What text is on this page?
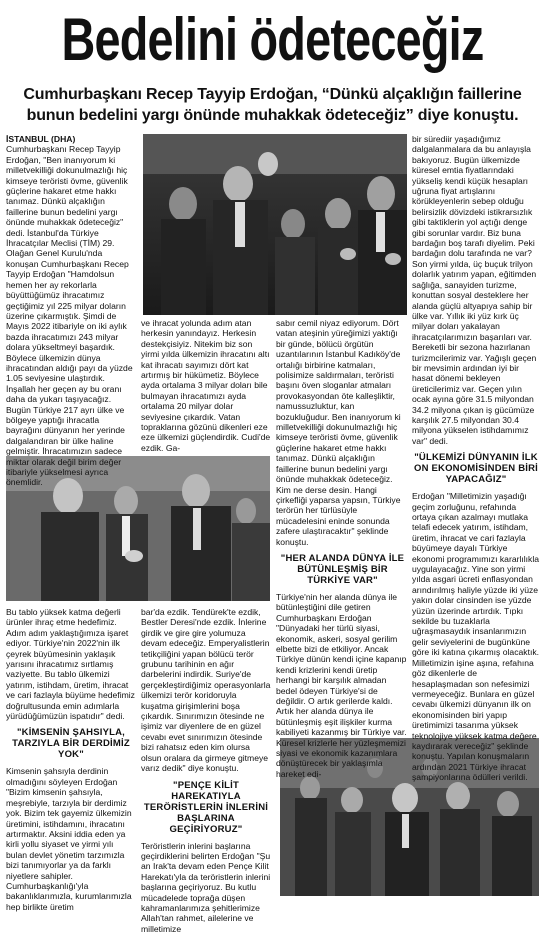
Bedelini ödeteceğiz
Cumhurbaşkanı Recep Tayyip Erdoğan, “Dünkü alçaklığın faillerine bunun bedelini yargı önünde muhakkak ödeteceğiz” diye konuştu.

İSTANBUL (DHA)

Cumhurbaşkanı Recep Tayyip Erdoğan, "Ben inanıyorum ki milletvekilliği dokunulmazlığı hiç kimseye teröristi övme, güvenlik güçlerine hakaret etme hakkı tanımaz. Dünkü alçaklığın faillerine bunun bedelini yargı önünde muhakkak ödeteceğiz" dedi. İstanbul'da Türkiye İhracatçılar Meclisi (TİM) 29. Olağan Genel Kurulu'nda konuşan Cumhurbaşkanı Recep Tayyip Erdoğan "Hamdolsun hemen her ay rekorlarla büyüttüğümüz ihracatımız geçtiğimiz yıl 225 milyar doların üzerine çıkarmıştık. Şimdi de Mayıs 2022 itibariyle on iki aylık bazda ihracatımızı 243 milyar dolara yükseltmeyi başardık. Böylece ülkemizin dünya ihracatından aldığı payı da yüzde 1.05 seviyesine ulaştırdık. İnşallah her geçen ay bu oranı daha da yukarı taşıyacağız. Bugün Türkiye 217 ayrı ülke ve bölgeye yaptığı ihracatla bayrağını dünyanın her yerinde dalgalandıran bir ülke haline gelmiştir. İhracatımızın sadece miktar olarak değil birim değer itibariyle yükselmesi ayrıca önemlidir.

Bu tablo yüksek katma değerli ürünler ihraç etme hedefimiz. Adım adım yaklaştığımıza işaret ediyor. Türkiye'nin 2022'nin ilk çeyrek büyümesinin yaklaşık yarısını ihracatımız sırtlamış vaziyette. Bu tablo ülkemizi yatırım, istihdam, üretim, ihracat ve cari fazlayla büyüme hedefimiz doğrultusunda emin adımlarla yürüdüğümüzün ispatıdır" dedi.

"KİMSENİN ŞAHSIYLA, TARZIYLA BİR DERDİMİZ YOK"

Kimsenin şahsıyla derdinin olmadığını söyleyen Erdoğan "Bizim kimsenin şahsıyla, meşrebiyle, tarzıyla bir derdimiz yok. Bizim tek gayemiz ülkemizin üretimini, istihdamını, ihracatını artırmaktır. Aksini iddia eden ya kirli yollu siyaset ve yirmi yılı bulan devlet yönetim tarzımızla bizi tanımıyorlar ya da farklı niyetlere sahipler. Cumhurbaşkanlığı'yla bakanlıklarımızla, kurumlarımızla hep birlikte üretim

ve ihracat yolunda adım atan herkesin yanındayız. Herkesin destekçisiyiz. Nitekim biz son yirmi yılda ülkemizin ihracatını altı kat ihracatı sayımızı dört kat artırmış bir hükümetiz. Böylece ayda ortalama 3 milyar doları bile bulmayan ihracatımızı ayda ortalama 20 milyar dolar seviyesine çıkardık. Vatan topraklarına gözünü dikenleri eze eze ülkemizi güçlendirdik. Cudi'de ezdik. Ga-

bar'da ezdik. Tendürek'te ezdik, Bestler Deresi'nde ezdik. İnlerine girdik ve gire gire yolumuza devam edeceğiz. Emperyalistlerin tetikçiliğini yapan bölücü terör grubunu tarihinin en ağır darbelerini indirdik. Suriye'de gerçekleştirdiğimiz operasyonlarla ülkemizi terör koridoruyla kuşatma girişimlerini boşa çıkardık. Sınırımızın ötesinde ne işimiz var diyenlere de en güzel cevabı evet sınırımızın ötesinde bizi rahatsız eden kim olursa olsun oralara da girmeye gitmeye varız dedik" diye konuştu.

"PENÇE KİLİT HAREKATIYLA TERÖRİSTLERİN İNLERİNİ BAŞLARINA GEÇİRİYORUZ"

Teröristlerin inlerini başlarına geçirdiklerini belirten Erdoğan "Şu an Irak'ta devam eden Pençe Kilit Harekatı'yla da teröristlerin inlerini başlarına geçiriyoruz. Bu kutlu mücadelede toprağa düşen kahramanlarımıza şehitlerimize Allah'tan rahmet, ailelerine ve milletimize

sabır cemil niyaz ediyorum. Dört vatan ateşinin yüreğimizi yaktığı bir günde, bölücü örgütün uzantılarının İstanbul Kadıköy'de ortalığı birbirine katmaları, polisimize saldırmaları, teröristi başını öven sloganlar atmaları provokasyondan öte kalleşliktir, namussuzluktur, kan bozukluğudur. Ben inanıyorum ki milletvekilliği dokunulmazlığı hiç kimseye teröristi övme, güvenlik güçlerine hakaret etme hakkı tanımaz. Dünkü alçaklığın faillerine bunun bedelini yargı önünde muhakkak ödeteceğiz. Kim ne derse desin. Hangi çirkefliği yaparsa yapsın, Türkiye terörün her türlüsüyle mücadelesini eninde sonunda zafere ulaştıracaktır" şeklinde konuştu.

"HER ALANDA DÜNYA İLE BÜTÜNLEŞMİŞ BİR TÜRKİYE VAR"

Türkiye'nin her alanda dünya ile bütünleştiğini dile getiren Cumhurbaşkanı Erdoğan "Dünyadaki her türlü siyasi, ekonomik, askeri, sosyal gerilim elbette bizi de etkiliyor. Ancak Türkiye dünün kendi içine kapanıp kendi krizlerini kendi üretip herhangi bir karşılık almadan bedel ödeyen Türkiye'si de değildir. O artık gerilerde kaldı. Artık her alanda dünya ile bütünleşmiş eşit ilişkiler kurma kabiliyeti kazanmış bir Türkiye var. Küresel krizlerle her yüzleşmemizi siyasi ve ekonomik kazanımlara dönüştürecek bir yaklaşımla hareket edi-

bir sürediir yaşadığımız dalgalanmalara da bu anlayışla bakıyoruz. Bugün ülkemizde küresel emtia fiyatlarındaki yükseliş kendi küçük hesapları uğruna fiyat artışlarını körükleyenlerin sebep olduğu belirsizlik dövizdeki istikrarsızlık gibi taktiklerin yol açtığı denge gibi sorunlar vardır. Biz buna bardağın boş tarafı diyelim. Peki bardağın dolu tarafında ne var? Son yirmi yılda, üç buçuk trilyon dolarlık yatırım yapan, eğitimden sağlığa, sanayiden turizme, konuttan sosyal desteklere her alanda güçlü altyapıya sahip bir ülke var. Yıllık iki yüz kırk üç milyar doları yakalayan ihracatçılarımızın başarıları var. Bereketli bir sezona hazırlanan turizmcilerimiz var. Yağışlı geçen bir mevsimin ardından iyi bir hasat dönemi bekleyen üreticilerimiz var. Geçen yılın ocak ayına göre 31.5 milyondan 34.2 milyona çıkan iş gücümüze karşılık 27.5 milyondan 30.4 milyona yükselen istihdamımız var" dedi.

"ÜLKEMİZİ DÜNYANIN İLK ON EKONOMİSİNDEN BİRİ YAPACAĞIZ"

Erdoğan "Milletimizin yaşadığı geçim zorluğunu, refahında ortaya çıkan azalmayı mutlaka telafi edecek yatırım, istihdam, üretim, ihracat ve cari fazlayla büyümeye dayalı Türkiye ekonomi programımızı kararlılıkla uygulayacağız. Yine son yirmi yılda asgari ücreti enflasyondan arındırılmış haliyle yüzde iki yüze yakın dolar cinsinden ise yüzde yüzün üzerinde artırdık. Tıpkı sekilde bu tuzaklarla uğraşmasaydık insanlarımızın gelir seviyelerini de bugünküne göre iki katına çıkarmış olacaktık. Milletimizin işine aşına, refahına göz dikenlerle de hesaplaşmadan son nefesimizi vermeyeceğiz. Bunlara en güzel cevabı ülkemizi dünyanın ilk on ekonomisinden biri yapıp üretimimizi tasarıma yüksek teknolojiye yüksek katma değere kaydırarak vereceğiz" şeklinde konuştu. Yapılan konuşmaların ardından 2021 Türkiye ihracat şampiyonlarına ödülleri verildi.
